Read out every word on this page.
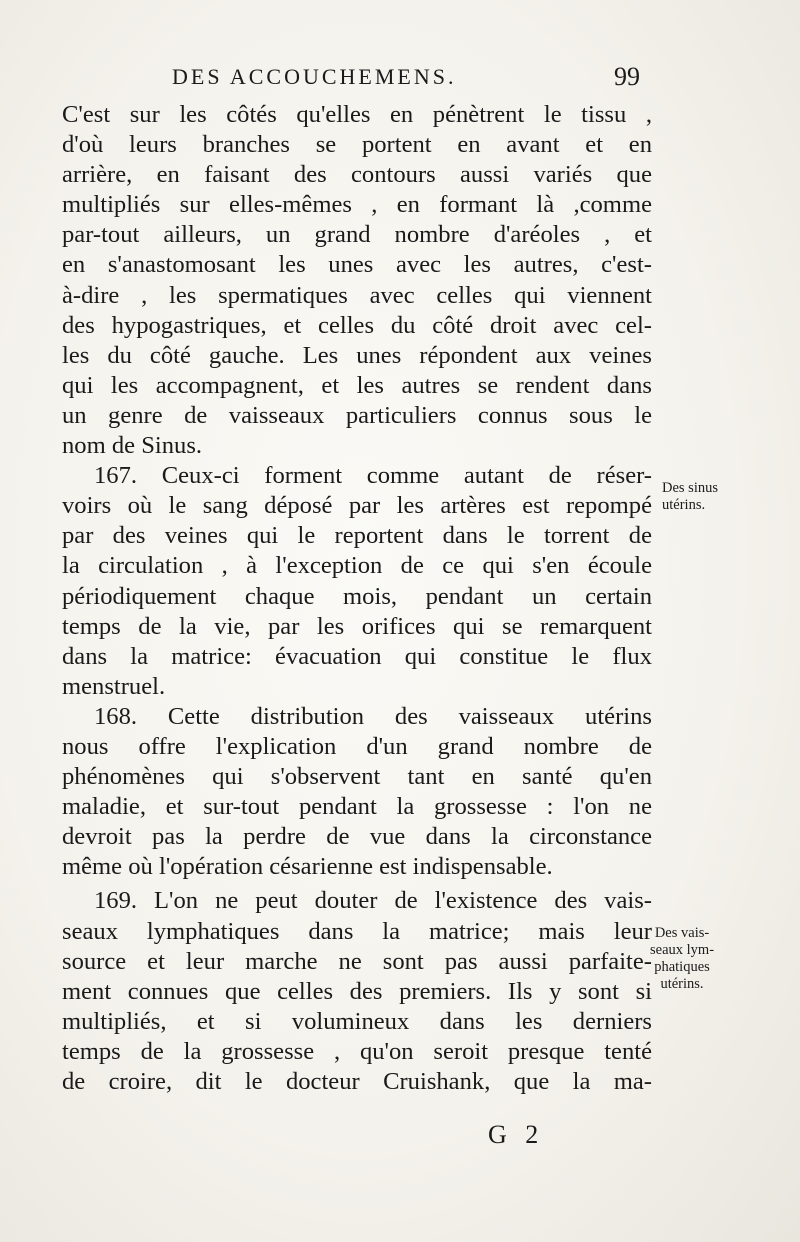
DES ACCOUCHEMENS.	99
C'est sur les côtés qu'elles en pénètrent le tissu ,
d'où leurs branches se portent en avant et en
arrière, en faisant des contours aussi variés que
multipliés sur elles-mêmes , en formant là ,comme
par-tout ailleurs, un grand nombre d'aréoles , et
en s'anastomosant les unes avec les autres, c'est-
à-dire , les spermatiques avec celles qui viennent
des hypogastriques, et celles du côté droit avec cel-
les du côté gauche. Les unes répondent aux veines
qui les accompagnent, et les autres se rendent dans
un genre de vaisseaux particuliers connus sous le
nom de Sinus.
167. Ceux-ci forment comme autant de réser-
voirs où le sang déposé par les artères est repompé
par des veines qui le reportent dans le torrent de
la circulation , à l'exception de ce qui s'en écoule
périodiquement chaque mois, pendant un certain
temps de la vie, par les orifices qui se remarquent
dans la matrice: évacuation qui constitue le flux
menstruel.
168. Cette distribution des vaisseaux utérins
nous offre l'explication d'un grand nombre de
phénomènes qui s'observent tant en santé qu'en
maladie, et sur-tout pendant la grossesse : l'on ne
devroit pas la perdre de vue dans la circonstance
même où l'opération césarienne est indispensable.
169. L'on ne peut douter de l'existence des vais-
seaux lymphatiques dans la matrice; mais leur
source et leur marche ne sont pas aussi parfaite-
ment connues que celles des premiers. Ils y sont si
multipliés, et si volumineux dans les derniers
temps de la grossesse , qu'on seroit presque tenté
de croire, dit le docteur Cruishank, que la ma-
Des sinus
utérins.
Des vais-
seaux lym-
phatiques
utérins.
G 2
